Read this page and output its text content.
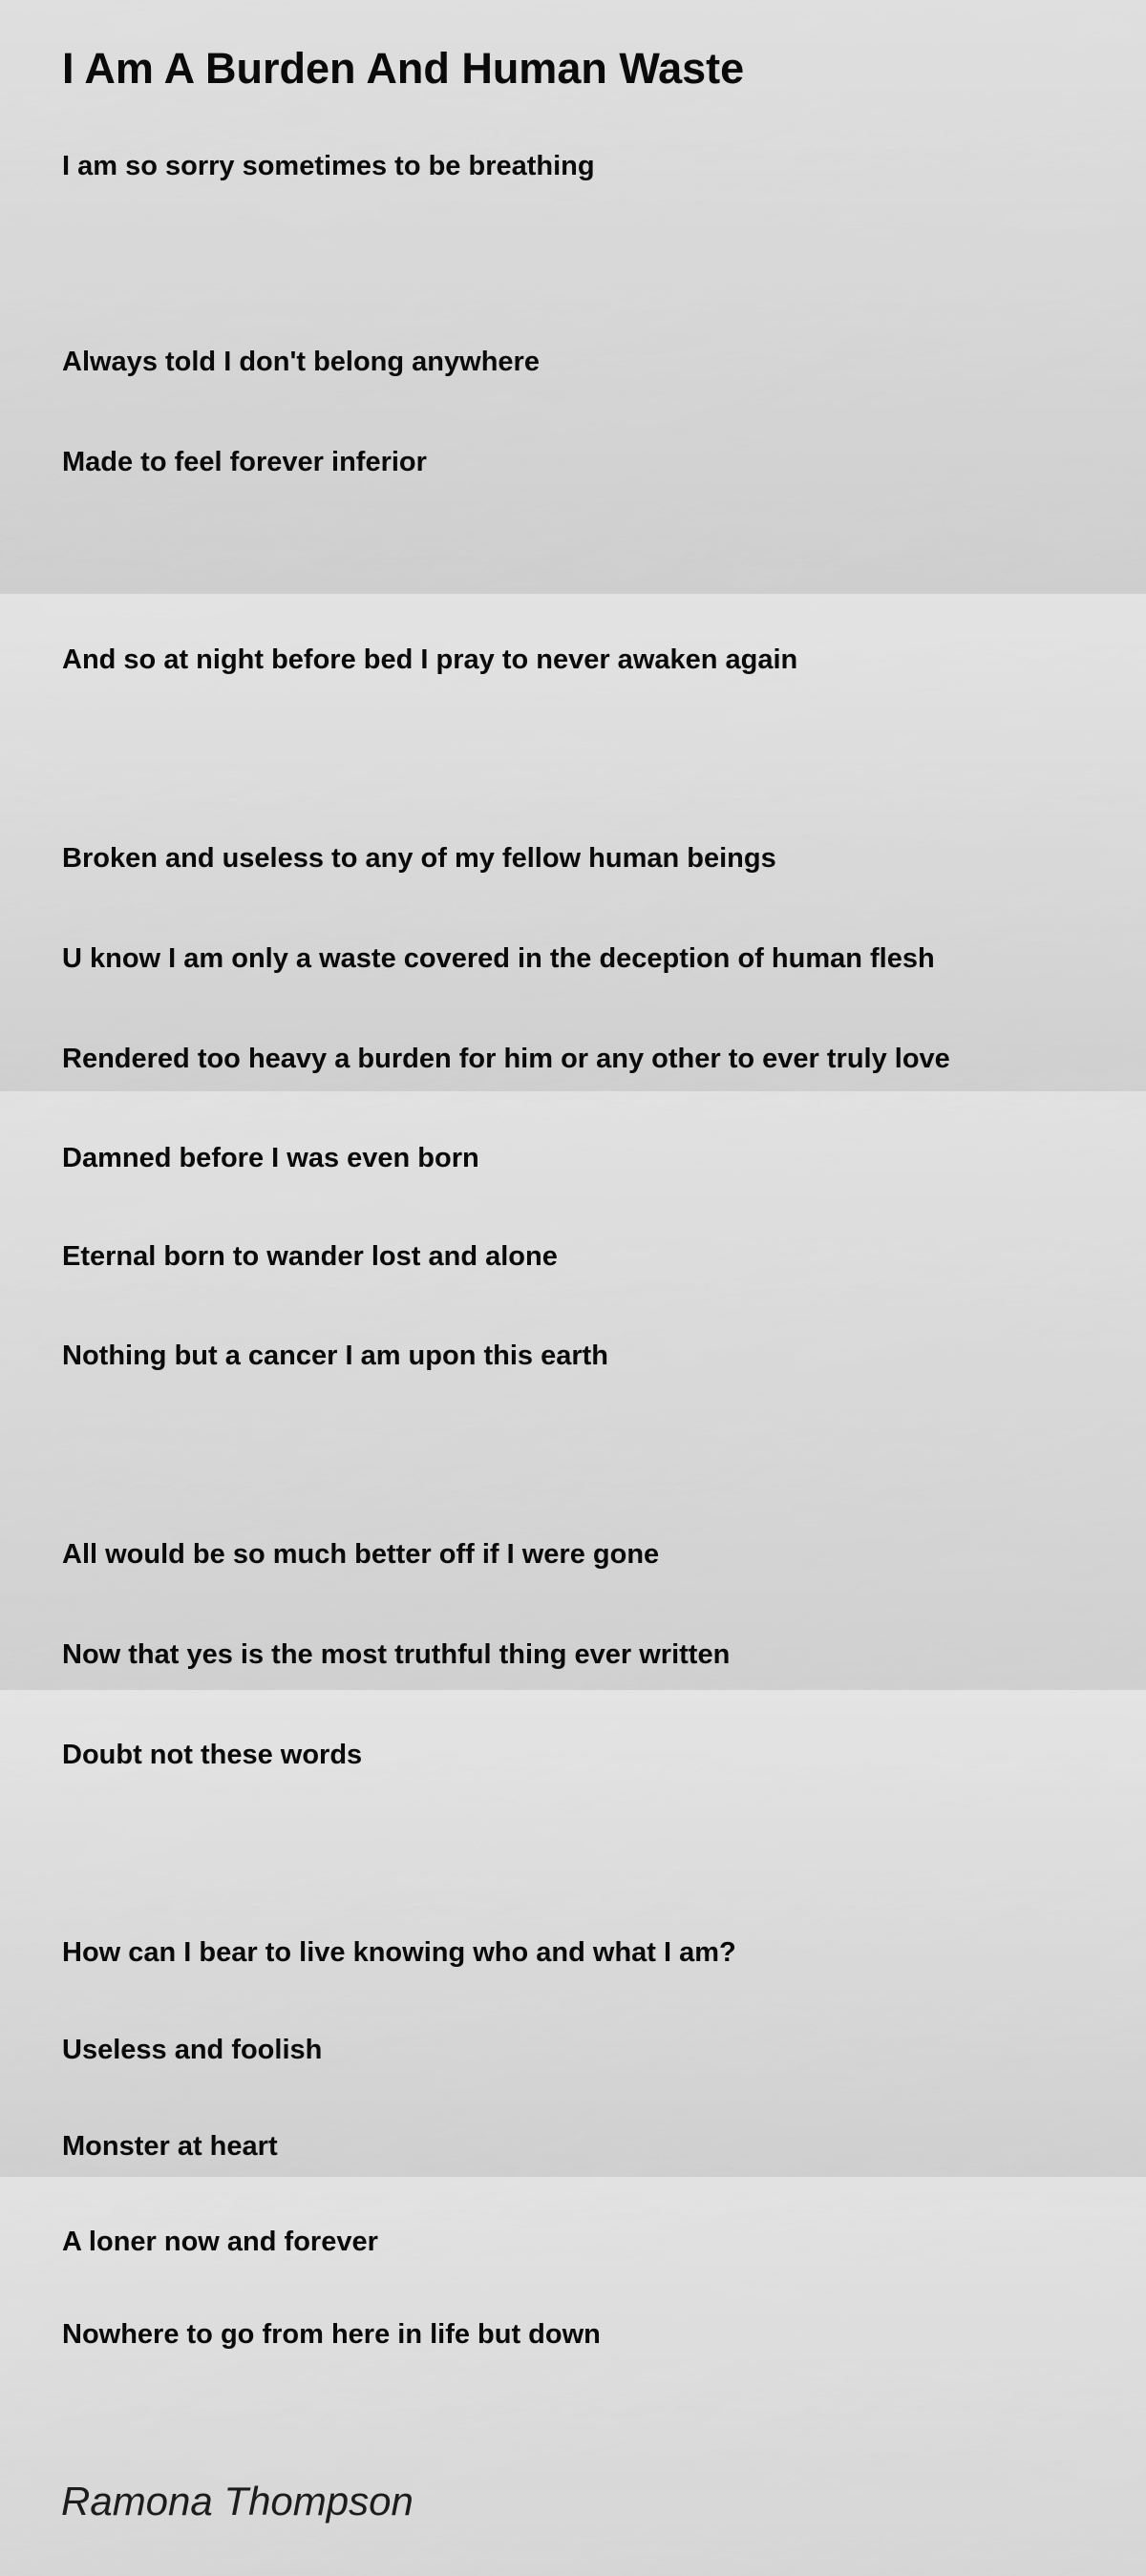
I Am A Burden And Human Waste
I am so sorry sometimes to be breathing
Always told I don't belong anywhere
Made to feel forever inferior
And so at night before bed I pray to never awaken again
Broken and useless to any of my fellow human beings
U know I am only a waste covered in the deception of human flesh
Rendered too heavy a burden for him or any other to ever truly love
Damned before I was even born
Eternal born to wander lost and alone
Nothing but a cancer I am upon this earth
All would be so much better off if I were gone
Now that yes is the most truthful thing ever written
Doubt not these words
How can I bear to live knowing who and what I am?
Useless and foolish
Monster at heart
A loner now and forever
Nowhere to go from here in life but down
Ramona Thompson
